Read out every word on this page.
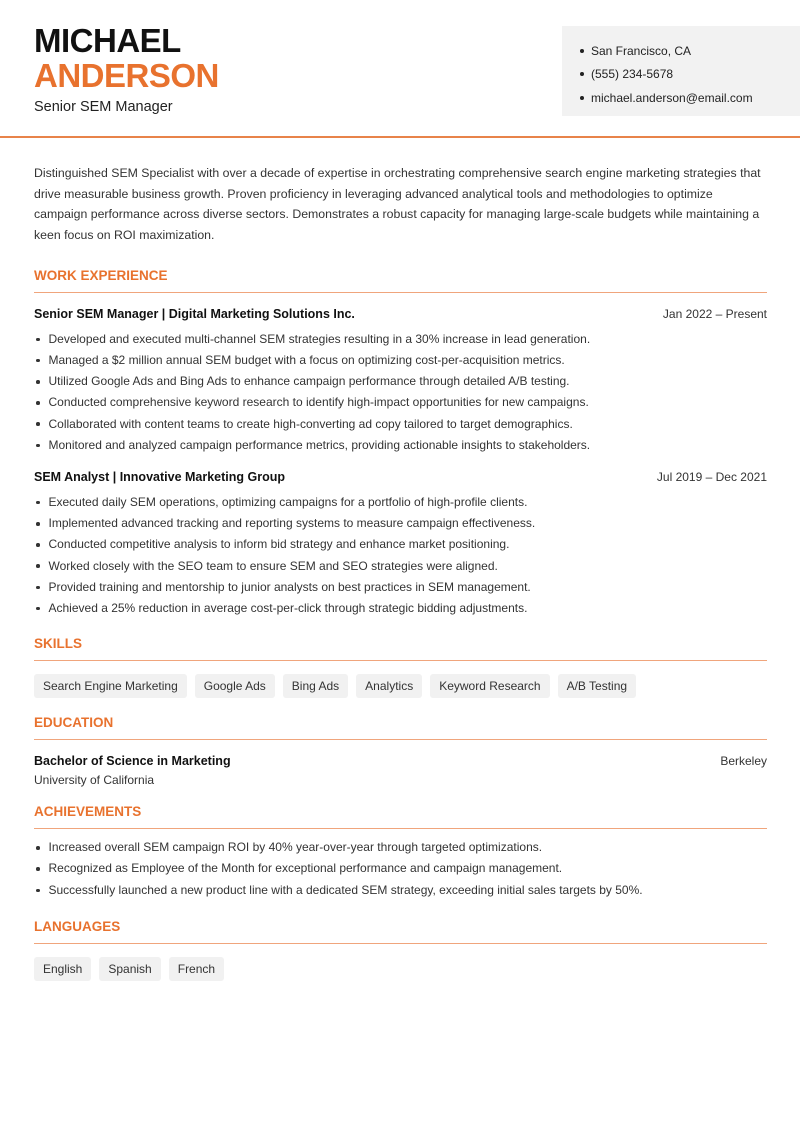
MICHAEL
ANDERSON
Senior SEM Manager
San Francisco, CA
(555) 234-5678
michael.anderson@email.com

Distinguished SEM Specialist with over a decade of expertise in orchestrating comprehensive search engine marketing strategies that drive measurable business growth. Proven proficiency in leveraging advanced analytical tools and methodologies to optimize campaign performance across diverse sectors. Demonstrates a robust capacity for managing large-scale budgets while maintaining a keen focus on ROI maximization.

WORK EXPERIENCE
Senior SEM Manager | Digital Marketing Solutions Inc.	Jan 2022 – Present
Developed and executed multi-channel SEM strategies resulting in a 30% increase in lead generation.
Managed a $2 million annual SEM budget with a focus on optimizing cost-per-acquisition metrics.
Utilized Google Ads and Bing Ads to enhance campaign performance through detailed A/B testing.
Conducted comprehensive keyword research to identify high-impact opportunities for new campaigns.
Collaborated with content teams to create high-converting ad copy tailored to target demographics.
Monitored and analyzed campaign performance metrics, providing actionable insights to stakeholders.
SEM Analyst | Innovative Marketing Group	Jul 2019 – Dec 2021
Executed daily SEM operations, optimizing campaigns for a portfolio of high-profile clients.
Implemented advanced tracking and reporting systems to measure campaign effectiveness.
Conducted competitive analysis to inform bid strategy and enhance market positioning.
Worked closely with the SEO team to ensure SEM and SEO strategies were aligned.
Provided training and mentorship to junior analysts on best practices in SEM management.
Achieved a 25% reduction in average cost-per-click through strategic bidding adjustments.
SKILLS
Search Engine Marketing	Google Ads	Bing Ads	Analytics	Keyword Research	A/B Testing
EDUCATION
Bachelor of Science in Marketing	Berkeley
University of California
ACHIEVEMENTS
Increased overall SEM campaign ROI by 40% year-over-year through targeted optimizations.
Recognized as Employee of the Month for exceptional performance and campaign management.
Successfully launched a new product line with a dedicated SEM strategy, exceeding initial sales targets by 50%.
LANGUAGES
English	Spanish	French
